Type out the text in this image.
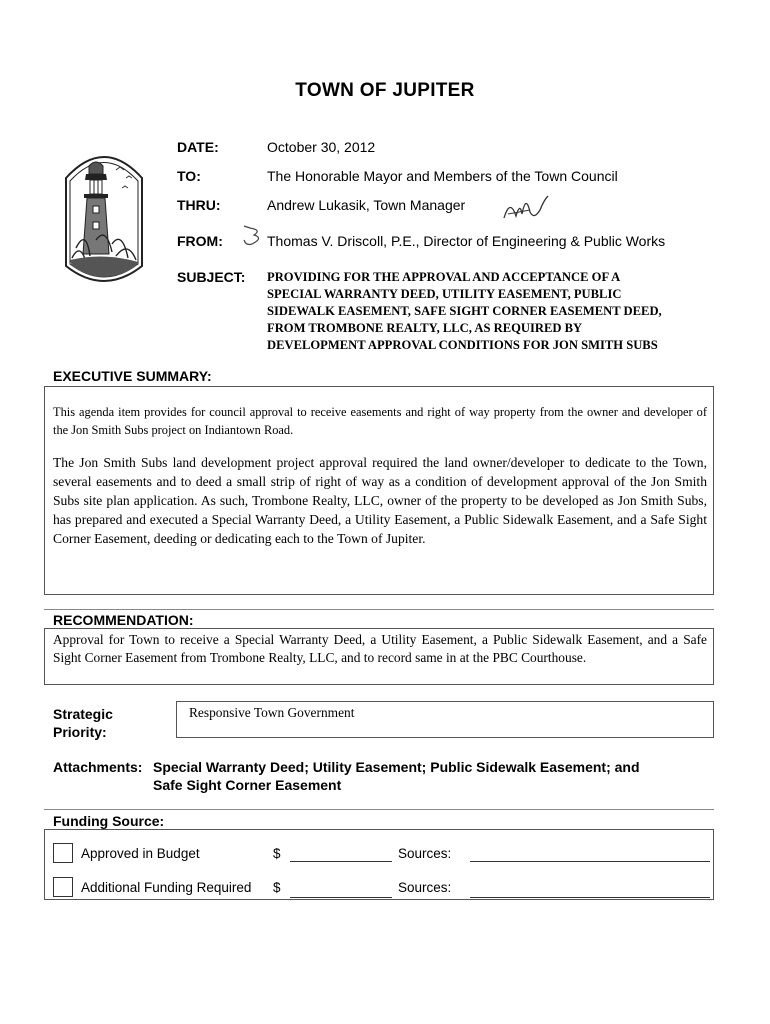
TOWN OF JUPITER
DATE:	October 30, 2012
TO:	The Honorable Mayor and Members of the Town Council
THRU:	Andrew Lukasik, Town Manager
FROM:	Thomas V. Driscoll, P.E., Director of Engineering & Public Works
SUBJECT: PROVIDING FOR THE APPROVAL AND ACCEPTANCE OF A
SPECIAL WARRANTY DEED, UTILITY EASEMENT, PUBLIC
SIDEWALK EASEMENT, SAFE SIGHT CORNER EASEMENT DEED,
FROM TROMBONE REALTY, LLC, AS REQUIRED BY
DEVELOPMENT APPROVAL CONDITIONS FOR JON SMITH SUBS
EXECUTIVE SUMMARY:
This agenda item provides for council approval to receive easements and right of way property from the owner and developer of the Jon Smith Subs project on Indiantown Road.
The Jon Smith Subs land development project approval required the land owner/developer to dedicate to the Town, several easements and to deed a small strip of right of way as a condition of development approval of the Jon Smith Subs site plan application. As such, Trombone Realty, LLC, owner of the property to be developed as Jon Smith Subs, has prepared and executed a Special Warranty Deed, a Utility Easement, a Public Sidewalk Easement, and a Safe Sight Corner Easement, deeding or dedicating each to the Town of Jupiter.
RECOMMENDATION:
Approval for Town to receive a Special Warranty Deed, a Utility Easement, a Public Sidewalk Easement, and a Safe Sight Corner Easement from Trombone Realty, LLC, and to record same in at the PBC Courthouse.
Strategic
Priority:
Responsive Town Government
Attachments: Special Warranty Deed; Utility Easement; Public Sidewalk Easement; and
Safe Sight Corner Easement
Funding Source:
Approved in Budget	$	Sources:
Additional Funding Required $	Sources:
